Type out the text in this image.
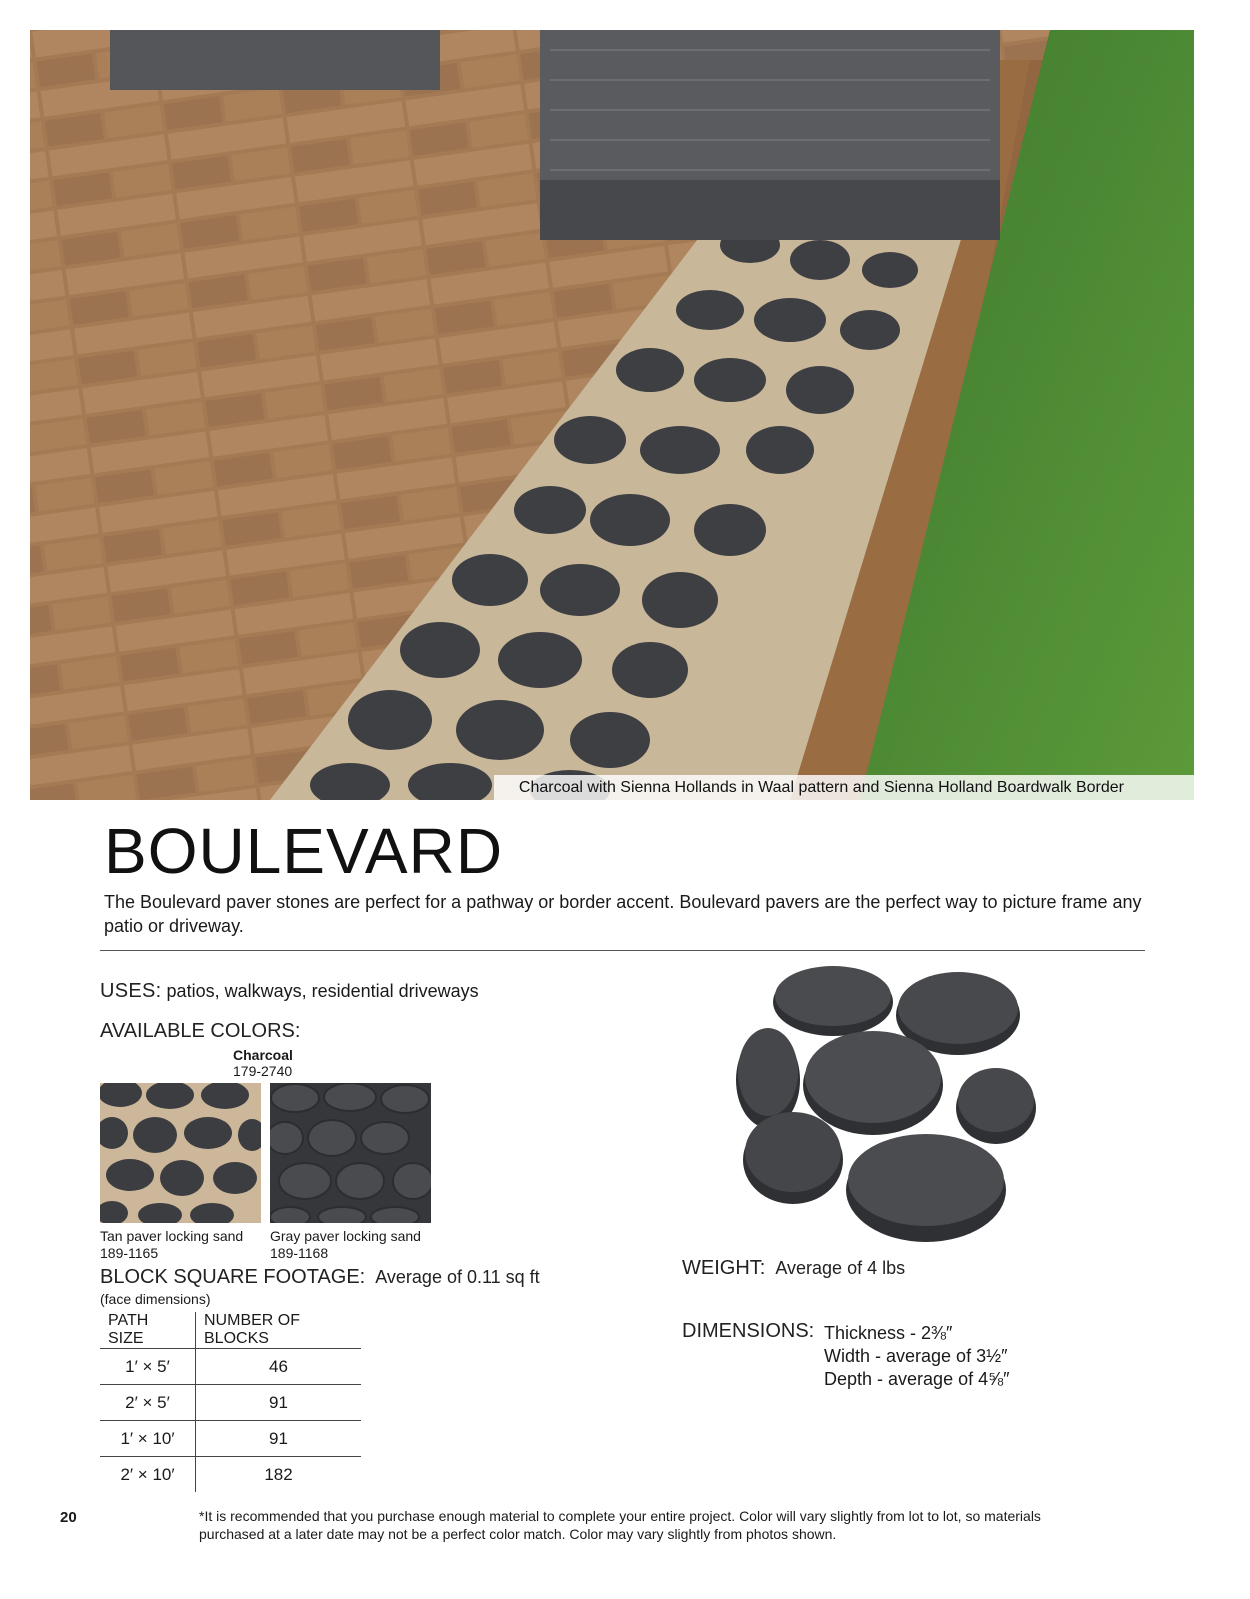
Charcoal with Sienna Hollands in Waal pattern and Sienna Holland Boardwalk Border
BOULEVARD
The Boulevard paver stones are perfect for a pathway or border accent. Boulevard pavers are the perfect way to picture frame any patio or driveway.
USES: patios, walkways, residential driveways
AVAILABLE COLORS:
Charcoal
179-2740
Tan paver locking sand
189-1165
Gray paver locking sand
189-1168
BLOCK SQUARE FOOTAGE: Average of 0.11 sq ft
(face dimensions)
PATH SIZE	NUMBER OF BLOCKS
1′ × 5′	46
2′ × 5′	91
1′ × 10′	91
2′ × 10′	182
WEIGHT: Average of 4 lbs
DIMENSIONS: Thickness - 2⅜″
Width - average of 3½″
Depth - average of 4⅝″
20	*It is recommended that you purchase enough material to complete your entire project. Color will vary slightly from lot to lot, so materials purchased at a later date may not be a perfect color match. Color may vary slightly from photos shown.
